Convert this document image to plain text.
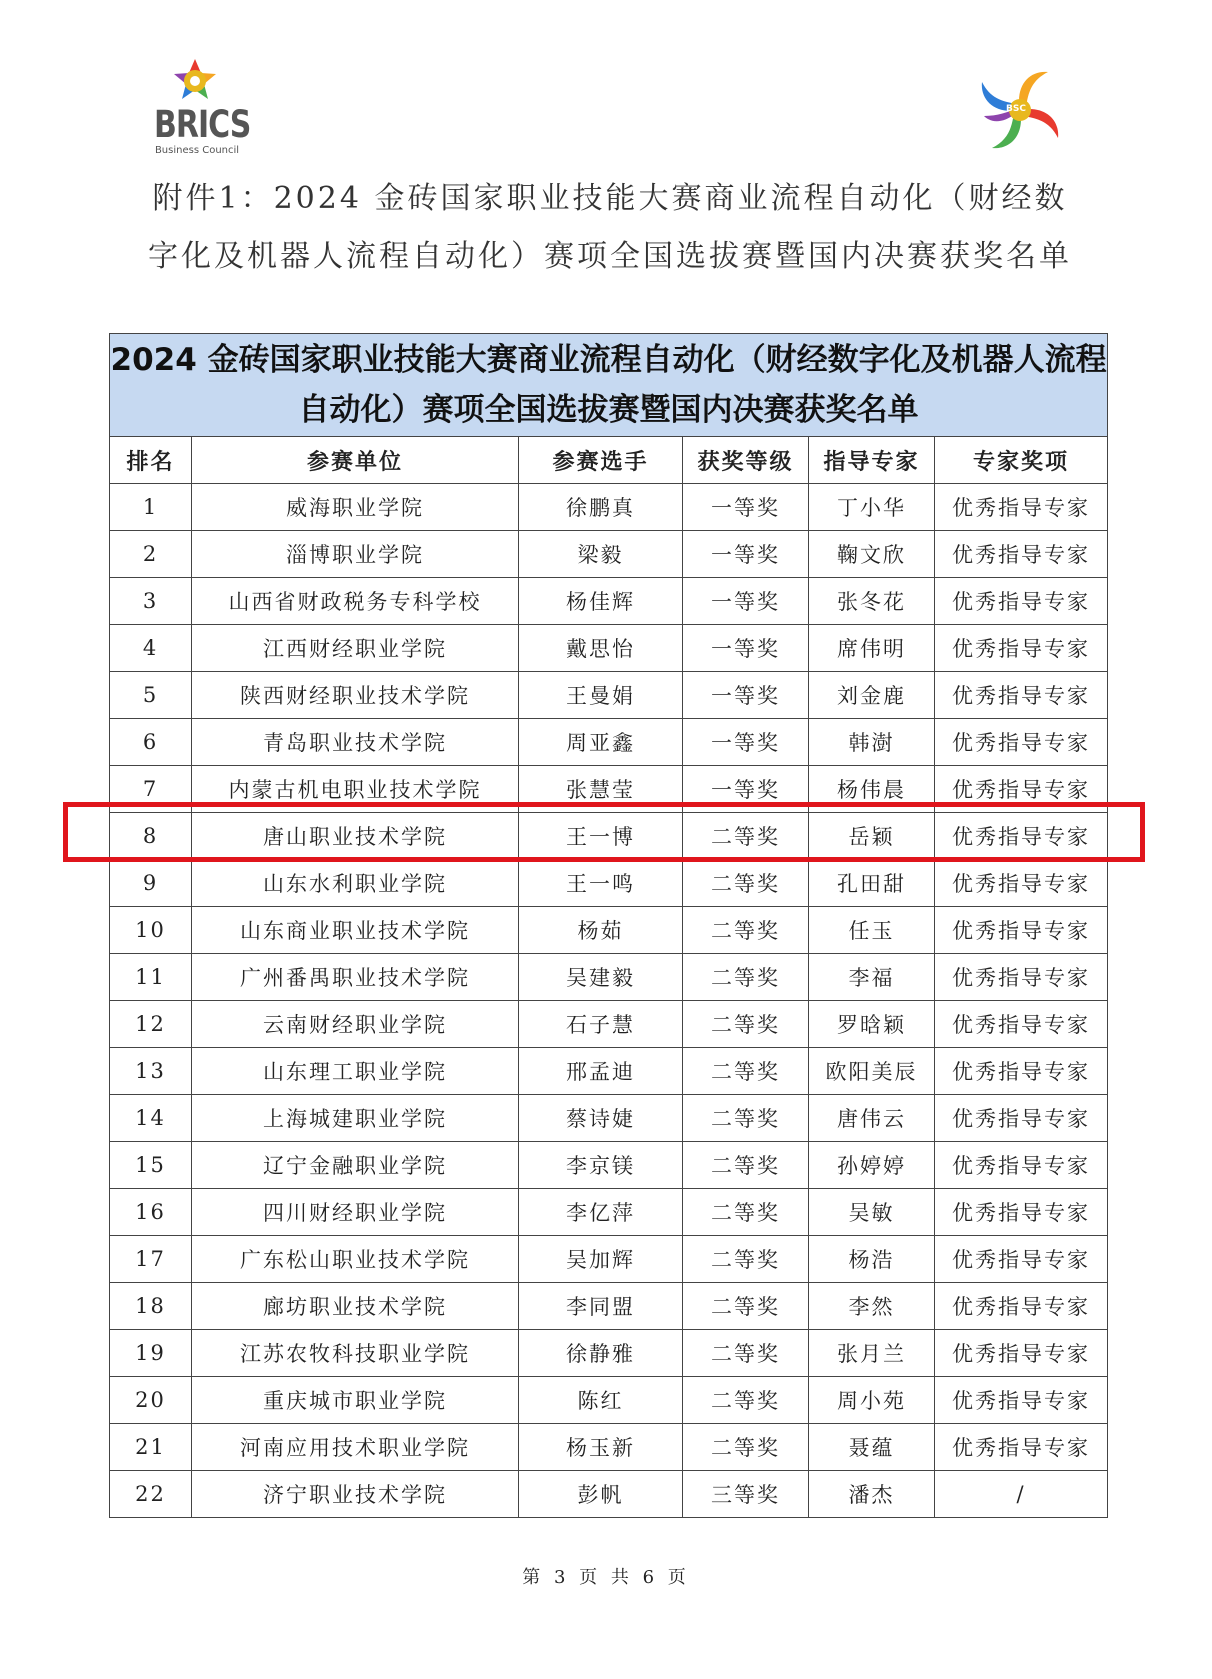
BRICS
Business Council
BSC
附件1：2024 金砖国家职业技能大赛商业流程自动化（财经数字化及机器人流程自动化）赛项全国选拔赛暨国内决赛获奖名单
2024 金砖国家职业技能大赛商业流程自动化（财经数字化及机器人流程自动化）赛项全国选拔赛暨国内决赛获奖名单					
排名	参赛单位	参赛选手	获奖等级	指导专家	专家奖项
1	威海职业学院	徐鹏真	一等奖	丁小华	优秀指导专家
2	淄博职业学院	梁毅	一等奖	鞠文欣	优秀指导专家
3	山西省财政税务专科学校	杨佳辉	一等奖	张冬花	优秀指导专家
4	江西财经职业学院	戴思怡	一等奖	席伟明	优秀指导专家
5	陕西财经职业技术学院	王曼娟	一等奖	刘金鹿	优秀指导专家
6	青岛职业技术学院	周亚鑫	一等奖	韩澍	优秀指导专家
7	内蒙古机电职业技术学院	张慧莹	一等奖	杨伟晨	优秀指导专家
8	唐山职业技术学院	王一博	二等奖	岳颖	优秀指导专家
9	山东水利职业学院	王一鸣	二等奖	孔田甜	优秀指导专家
10	山东商业职业技术学院	杨茹	二等奖	任玉	优秀指导专家
11	广州番禺职业技术学院	吴建毅	二等奖	李福	优秀指导专家
12	云南财经职业学院	石子慧	二等奖	罗晗颖	优秀指导专家
13	山东理工职业学院	邢孟迪	二等奖	欧阳美辰	优秀指导专家
14	上海城建职业学院	蔡诗婕	二等奖	唐伟云	优秀指导专家
15	辽宁金融职业学院	李京镁	二等奖	孙婷婷	优秀指导专家
16	四川财经职业学院	李亿萍	二等奖	吴敏	优秀指导专家
17	广东松山职业技术学院	吴加辉	二等奖	杨浩	优秀指导专家
18	廊坊职业技术学院	李同盟	二等奖	李然	优秀指导专家
19	江苏农牧科技职业学院	徐静雅	二等奖	张月兰	优秀指导专家
20	重庆城市职业学院	陈红	二等奖	周小苑	优秀指导专家
21	河南应用技术职业学院	杨玉新	二等奖	聂蕴	优秀指导专家
22	济宁职业技术学院	彭帆	三等奖	潘杰	/
第 3 页 共 6 页
